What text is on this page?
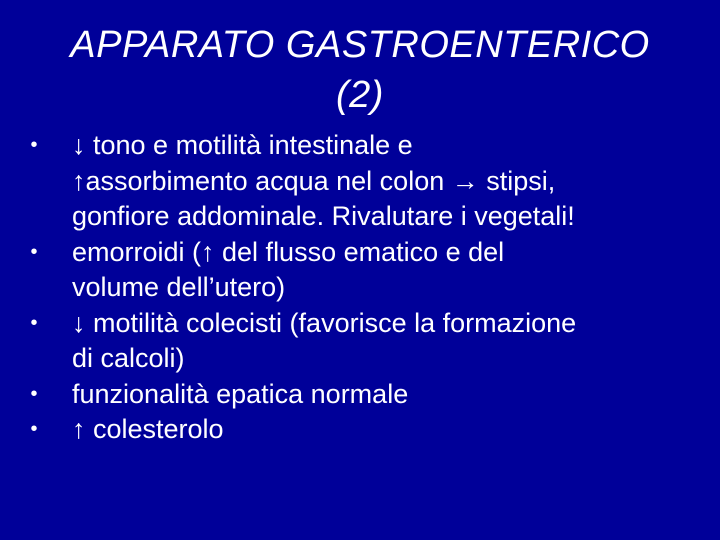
APPARATO GASTROENTERICO
(2)
• ↓ tono e motilità intestinale e
↑assorbimento acqua nel colon → stipsi,
gonfiore addominale. Rivalutare i vegetali!
• emorroidi (↑ del flusso ematico e del
volume dell’utero)
• ↓ motilità colecisti (favorisce la formazione
di calcoli)
• funzionalità epatica normale
• ↑ colesterolo
